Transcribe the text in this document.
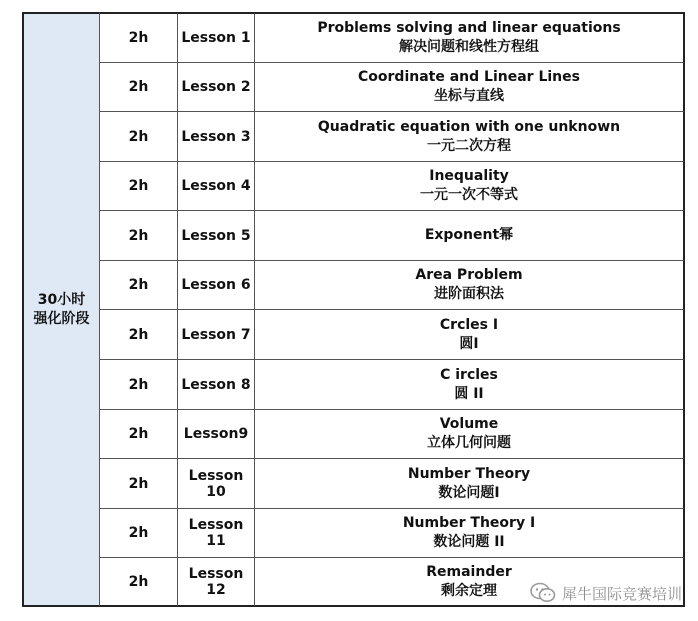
30小时
强化阶段
2h	Lesson 1
Problems solving and linear equations
解决问题和线性方程组
2h	Lesson 2
Coordinate and Linear Lines
坐标与直线
2h	Lesson 3
Quadratic equation with one unknown
一元二次方程
2h	Lesson 4
Inequality
一元一次不等式
2h	Lesson 5	Exponent幂
2h	Lesson 6
Area Problem
进阶面积法
2h	Lesson 7
Crcles I
圆I
2h	Lesson 8
C ircles
圆 II
2h	Lesson9
Volume
立体几何问题
2h	Lesson 10
Number Theory
数论问题I
2h	Lesson 11
Number Theory I
数论问题 II
2h	Lesson 12
Remainder
剩余定理	犀牛国际竞赛培训
